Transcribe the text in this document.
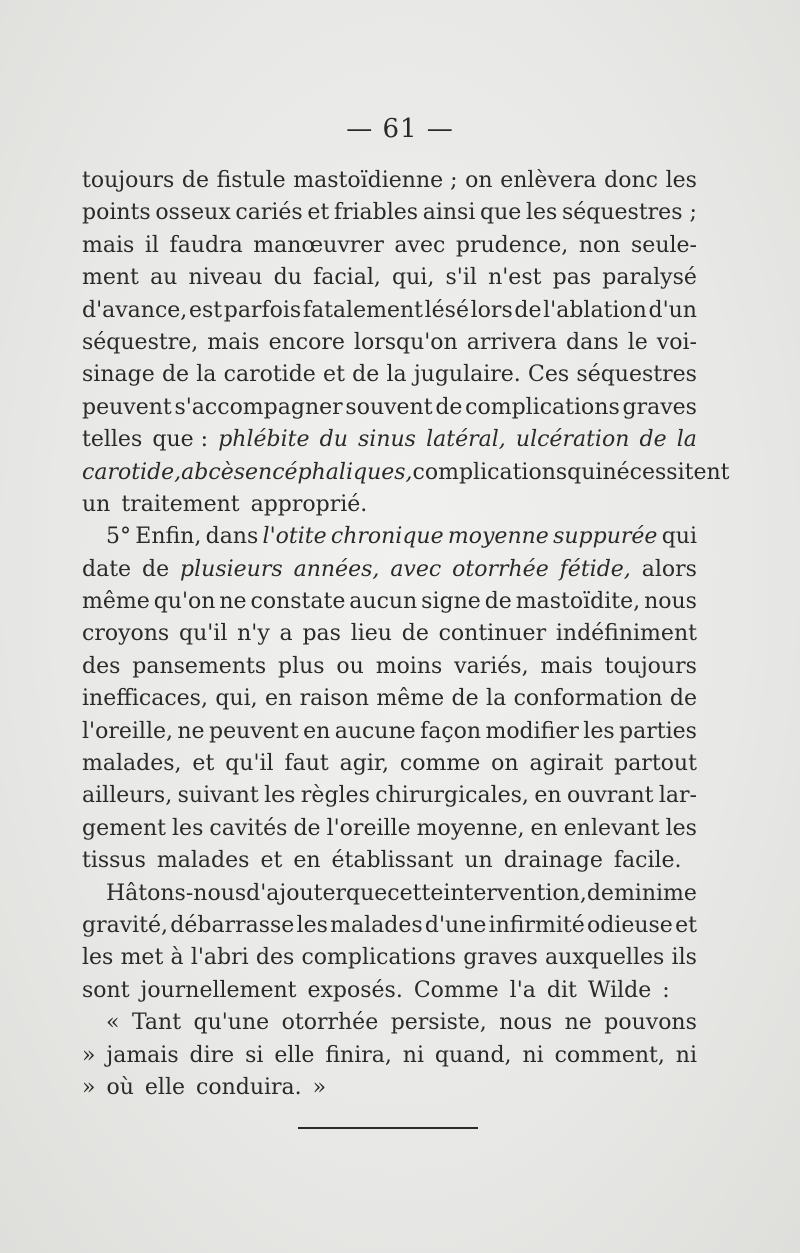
— 61 —
toujours de fistule mastoïdienne ; on enlèvera donc les
points osseux cariés et friables ainsi que les séquestres ;
mais il faudra manœuvrer avec prudence, non seule-
ment au niveau du facial, qui, s'il n'est pas paralysé
d'avance, est parfois fatalement lésé lors de l'ablation d'un
séquestre, mais encore lorsqu'on arrivera dans le voi-
sinage de la carotide et de la jugulaire. Ces séquestres
peuvent s'accompagner souvent de complications graves
telles que : phlébite du sinus latéral, ulcération de la
carotide, abcès encéphaliques, complications qui nécessitent
un traitement approprié.
5° Enfin, dans l'otite chronique moyenne suppurée qui
date de plusieurs années, avec otorrhée fétide, alors
même qu'on ne constate aucun signe de mastoïdite, nous
croyons qu'il n'y a pas lieu de continuer indéfiniment
des pansements plus ou moins variés, mais toujours
inefficaces, qui, en raison même de la conformation de
l'oreille, ne peuvent en aucune façon modifier les parties
malades, et qu'il faut agir, comme on agirait partout
ailleurs, suivant les règles chirurgicales, en ouvrant lar-
gement les cavités de l'oreille moyenne, en enlevant les
tissus malades et en établissant un drainage facile.
Hâtons-nous d'ajouter que cette intervention, de minime
gravité, débarrasse les malades d'une infirmité odieuse et
les met à l'abri des complications graves auxquelles ils
sont journellement exposés. Comme l'a dit Wilde :
« Tant qu'une otorrhée persiste, nous ne pouvons
» jamais dire si elle finira, ni quand, ni comment, ni
» où elle conduira. »
